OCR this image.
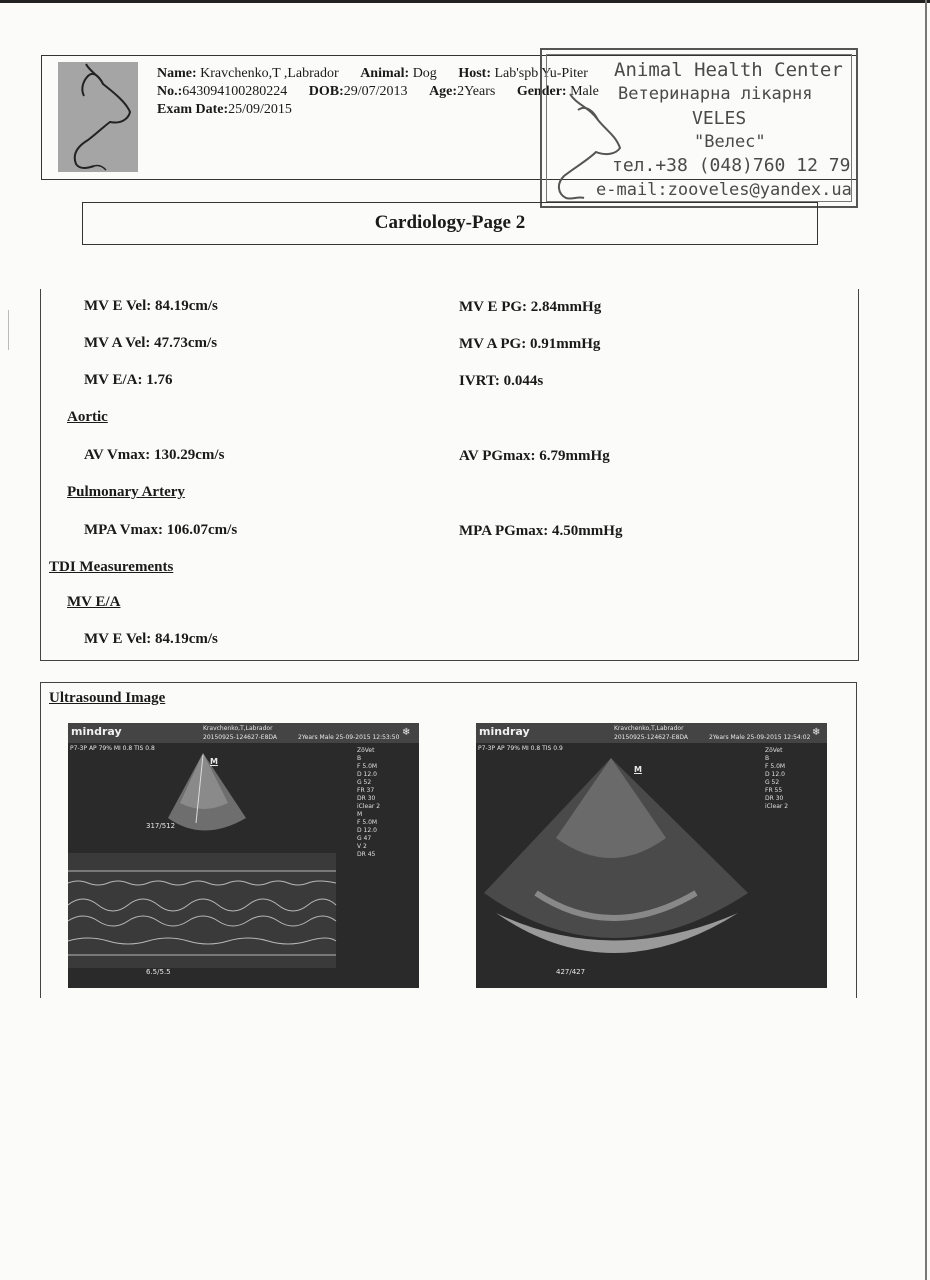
Name: Kravchenko,T ,Labrador Animal: Dog Host: Lab'spb Yu-Piter
No.:643094100280224 DOB:29/07/2013 Age:2Years Gender: Male
Exam Date:25/09/2015
Animal Health Center
Ветеринарна лікарня
VELES
"Велес"
тел.+38 (048)760 12 79
e-mail:zooveles@yandex.ua
Cardiology-Page 2
MV E Vel: 84.19cm/s	MV E PG: 2.84mmHg
MV A Vel: 47.73cm/s	MV A PG: 0.91mmHg
MV E/A: 1.76	IVRT: 0.044s
Aortic
AV Vmax: 130.29cm/s	AV PGmax: 6.79mmHg
Pulmonary Artery
MPA Vmax: 106.07cm/s	MPA PGmax: 4.50mmHg
TDI Measurements
MV E/A
MV E Vel: 84.19cm/s
Ultrasound Image
mindray	Kravchenko,T,Labrador
20150925-124627-E8DA	2Years Male 25-09-2015 12:53:50 ❄
P7-3P AP 79% MI 0.8 TIS 0.8
M
317/512
6.5/5.5
ZōVet
B
F 5.0M
D 12.0
G 52
FR 37
DR 30
iClear 2
M
F 5.0M
D 12.0
G 47
V 2
DR 45
mindray	Kravchenko,T,Labrador
20150925-124627-E8DA	2Years Male 25-09-2015 12:54:02 ❄
P7-3P AP 79% MI 0.8 TIS 0.9
M
427/427
ZōVet
B
F 5.0M
D 12.0
G 52
FR 55
DR 30
iClear 2
